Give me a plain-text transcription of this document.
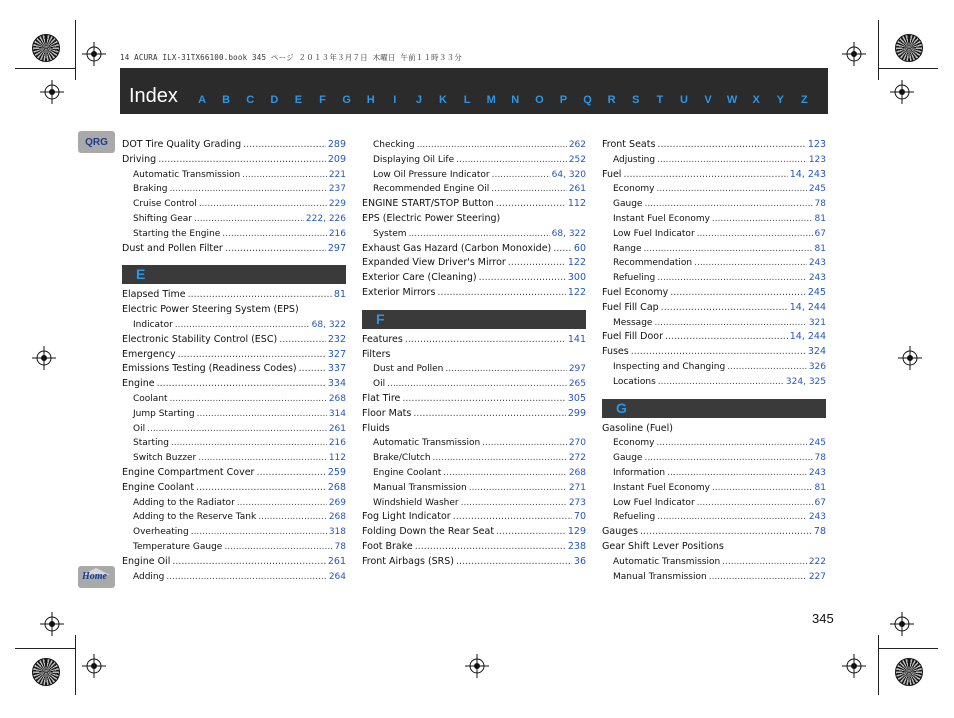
14 ACURA ILX-31TX66100.book 345 ページ ２０１３年３月７日 木曜日 午前１１時３３分
Index	A	B	C	D	E	F	G	H	I	J	K	L	M	N	O	P	Q	R	S	T	U	V	W	X	Y	Z
QRG
Home
DOT Tire Quality Grading .....	289
Driving .....	209
Automatic Transmission .....	221
Braking .....	237
Cruise Control .....	229
Shifting Gear .....	222, 226
Starting the Engine .....	216
Dust and Pollen Filter .....	297
E
Elapsed Time .....	81
Electric Power Steering System (EPS)
Indicator .....	68, 322
Electronic Stability Control (ESC) .....	232
Emergency .....	327
Emissions Testing (Readiness Codes) .....	337
Engine .....	334
Coolant .....	268
Jump Starting .....	314
Oil .....	261
Starting .....	216
Switch Buzzer .....	112
Engine Compartment Cover .....	259
Engine Coolant .....	268
Adding to the Radiator .....	269
Adding to the Reserve Tank .....	268
Overheating .....	318
Temperature Gauge .....	78
Engine Oil .....	261
Adding .....	264
Checking .....	262
Displaying Oil Life .....	252
Low Oil Pressure Indicator .....	64, 320
Recommended Engine Oil .....	261
ENGINE START/STOP Button .....	112
EPS (Electric Power Steering)
System .....	68, 322
Exhaust Gas Hazard (Carbon Monoxide) ..... 60
Expanded View Driver's Mirror .....	122
Exterior Care (Cleaning) .....	300
Exterior Mirrors .....	122
F
Features .....	141
Filters
Dust and Pollen .....	297
Oil .....	265
Flat Tire .....	305
Floor Mats .....	299
Fluids
Automatic Transmission .....	270
Brake/Clutch .....	272
Engine Coolant .....	268
Manual Transmission .....	271
Windshield Washer .....	273
Fog Light Indicator .....	70
Folding Down the Rear Seat .....	129
Foot Brake .....	238
Front Airbags (SRS) .....	36
Front Seats .....	123
Adjusting .....	123
Fuel .....	14, 243
Economy .....	245
Gauge .....	78
Instant Fuel Economy .....	81
Low Fuel Indicator .....	67
Range .....	81
Recommendation .....	243
Refueling .....	243
Fuel Economy .....	245
Fuel Fill Cap .....	14, 244
Message .....	321
Fuel Fill Door .....	14, 244
Fuses .....	324
Inspecting and Changing .....	326
Locations .....	324, 325
G
Gasoline (Fuel)
Economy .....	245
Gauge .....	78
Information .....	243
Instant Fuel Economy .....	81
Low Fuel Indicator .....	67
Refueling .....	243
Gauges .....	78
Gear Shift Lever Positions
Automatic Transmission .....	222
Manual Transmission .....	227
345
